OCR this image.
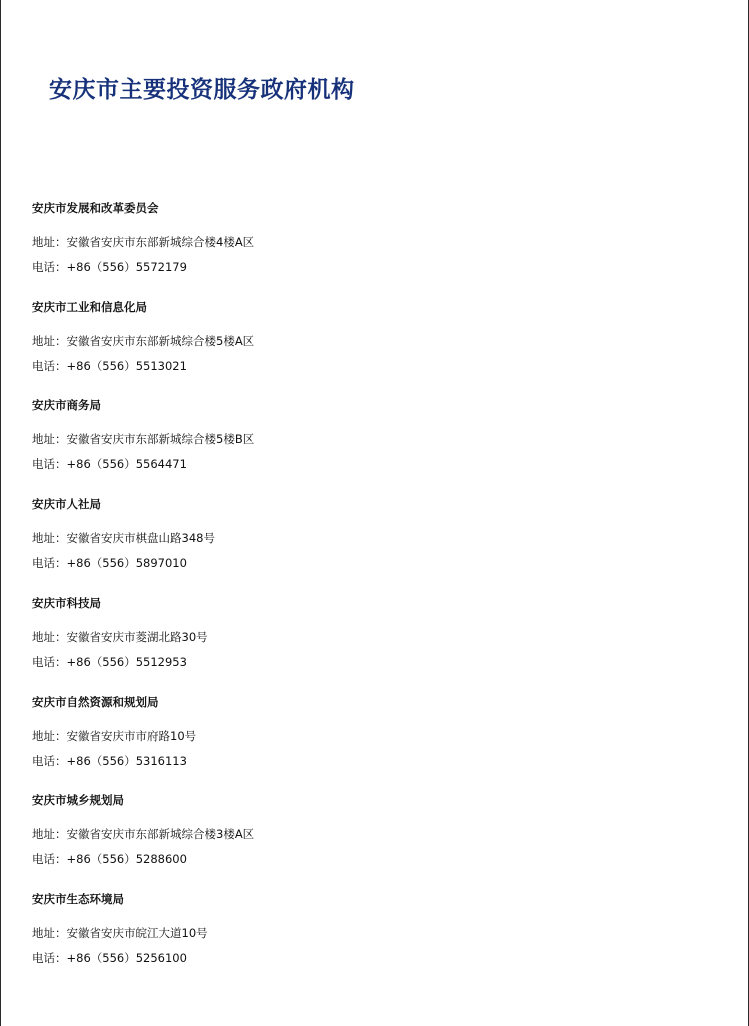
安庆市主要投资服务政府机构
安庆市发展和改革委员会
地址：安徽省安庆市东部新城综合楼4楼A区
电话：+86（556）5572179
安庆市工业和信息化局
地址：安徽省安庆市东部新城综合楼5楼A区
电话：+86（556）5513021
安庆市商务局
地址：安徽省安庆市东部新城综合楼5楼B区
电话：+86（556）5564471
安庆市人社局
地址：安徽省安庆市棋盘山路348号
电话：+86（556）5897010
安庆市科技局
地址：安徽省安庆市菱湖北路30号
电话：+86（556）5512953
安庆市自然资源和规划局
地址：安徽省安庆市市府路10号
电话：+86（556）5316113
安庆市城乡规划局
地址：安徽省安庆市东部新城综合楼3楼A区
电话：+86（556）5288600
安庆市生态环境局
地址：安徽省安庆市皖江大道10号
电话：+86（556）5256100
